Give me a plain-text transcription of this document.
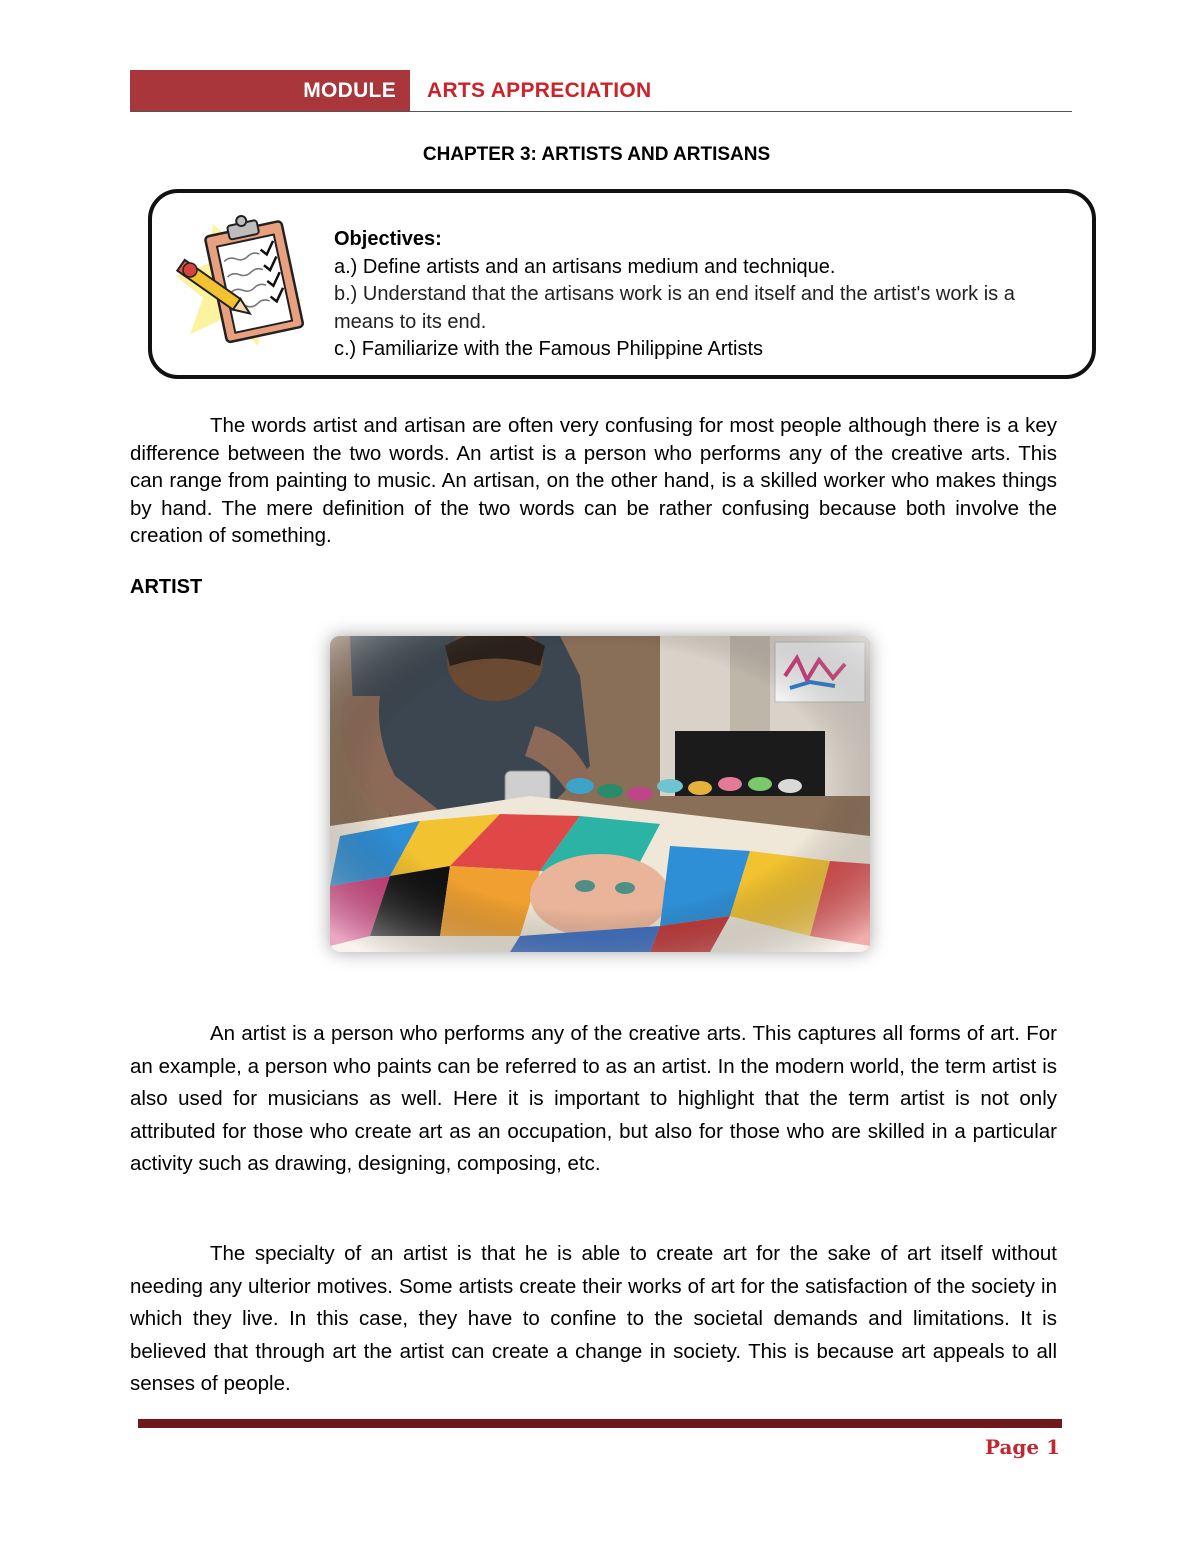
MODULE	ARTS APPRECIATION
CHAPTER 3: ARTISTS AND ARTISANS
Objectives:
a.) Define artists and an artisans medium and technique.
b.) Understand that the artisans work is an end itself and the artist's work is a means to its end.
c.) Familiarize with the Famous Philippine Artists

The words artist and artisan are often very confusing for most people although there is a key difference between the two words. An artist is a person who performs any of the creative arts. This can range from painting to music. An artisan, on the other hand, is a skilled worker who makes things by hand. The mere definition of the two words can be rather confusing because both involve the creation of something.

ARTIST

An artist is a person who performs any of the creative arts. This captures all forms of art. For an example, a person who paints can be referred to as an artist. In the modern world, the term artist is also used for musicians as well. Here it is important to highlight that the term artist is not only attributed for those who create art as an occupation, but also for those who are skilled in a particular activity such as drawing, designing, composing, etc.

The specialty of an artist is that he is able to create art for the sake of art itself without needing any ulterior motives. Some artists create their works of art for the satisfaction of the society in which they live. In this case, they have to confine to the societal demands and limitations. It is believed that through art the artist can create a change in society. This is because art appeals to all senses of people.

Page 1
